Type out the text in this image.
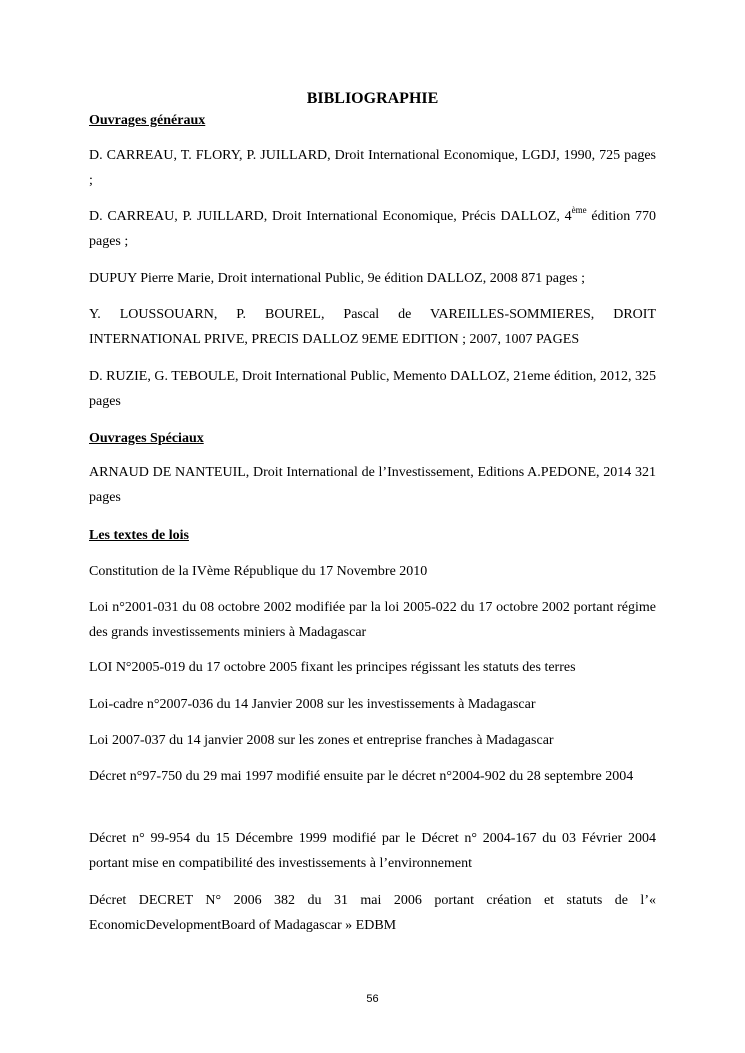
BIBLIOGRAPHIE
Ouvrages généraux

D. CARREAU, T. FLORY, P. JUILLARD, Droit International Economique, LGDJ, 1990, 725 pages ;

D. CARREAU, P. JUILLARD, Droit International Economique, Précis DALLOZ, 4ème édition 770 pages ;

DUPUY Pierre Marie, Droit international Public, 9e édition DALLOZ, 2008 871 pages ;

Y. LOUSSOUARN, P. BOUREL, Pascal de VAREILLES-SOMMIERES, DROIT INTERNATIONAL PRIVE, PRECIS DALLOZ 9EME EDITION ; 2007, 1007 PAGES

D. RUZIE, G. TEBOULE, Droit International Public, Memento DALLOZ, 21eme édition, 2012, 325 pages

Ouvrages Spéciaux

ARNAUD DE NANTEUIL, Droit International de l’Investissement, Editions A.PEDONE, 2014 321 pages

Les textes de lois

Constitution de la IVème République du 17 Novembre 2010

Loi n°2001-031 du 08 octobre 2002 modifiée par la loi 2005-022 du 17 octobre 2002 portant régime des grands investissements miniers à Madagascar

LOI N°2005-019 du 17 octobre 2005 fixant les principes régissant les statuts des terres

Loi-cadre n°2007-036 du 14 Janvier 2008 sur les investissements à Madagascar

Loi 2007-037 du 14 janvier 2008 sur les zones et entreprise franches à Madagascar

Décret n°97-750 du 29 mai 1997 modifié ensuite par le décret n°2004-902 du 28 septembre 2004

Décret n° 99-954 du 15 Décembre 1999 modifié par le Décret n° 2004-167 du 03 Février 2004 portant mise en compatibilité des investissements à l’environnement

Décret DECRET N° 2006 382 du 31 mai 2006 portant création et statuts de l’« EconomicDevelopmentBoard of Madagascar » EDBM

56
